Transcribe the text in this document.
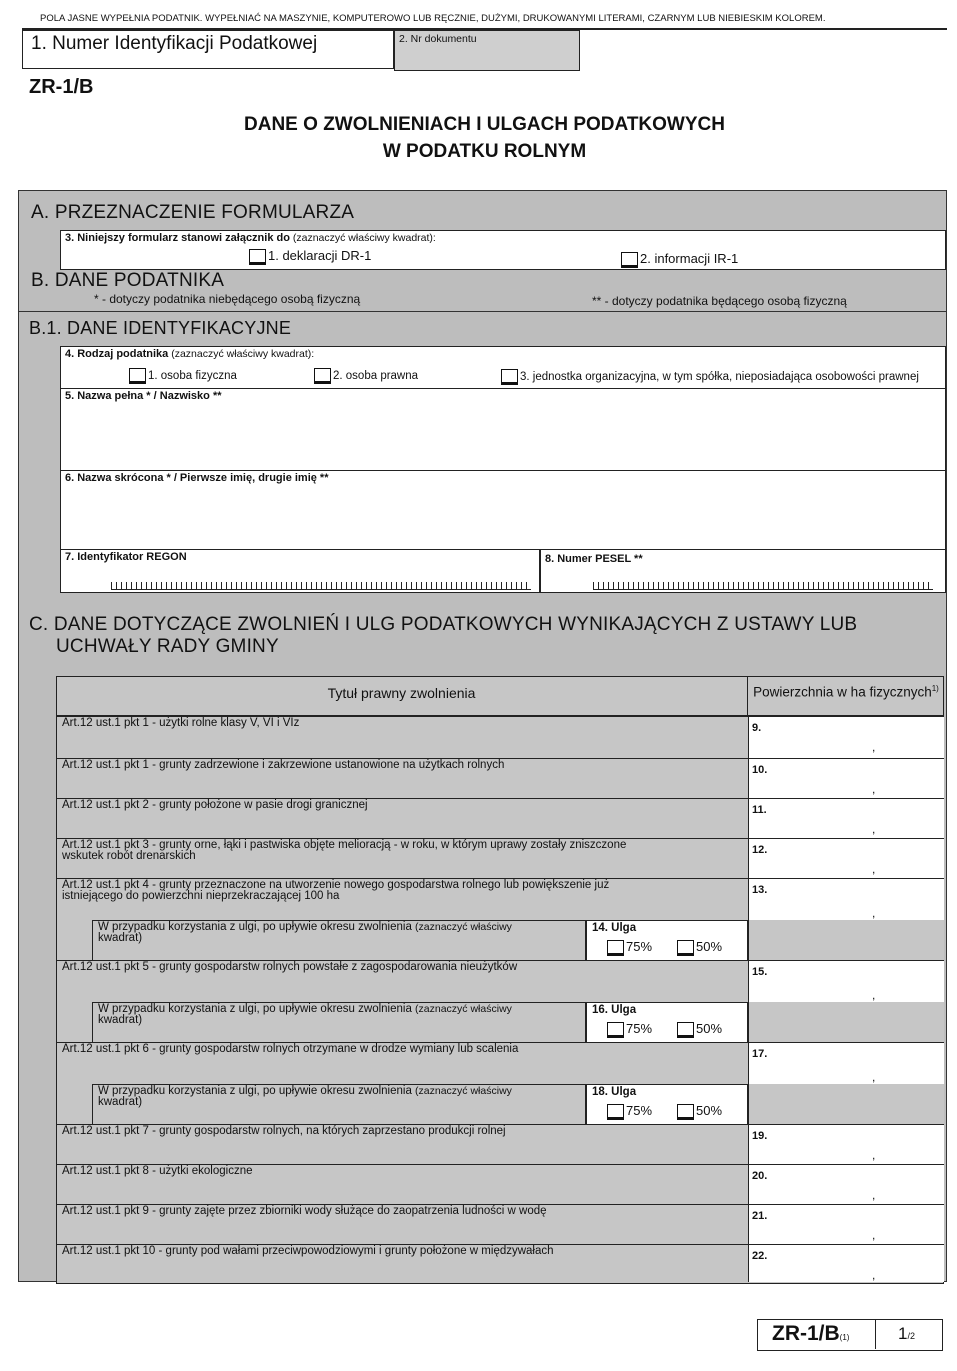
POLA JASNE WYPEŁNIA PODATNIK. WYPEŁNIAĆ NA MASZYNIE, KOMPUTEROWO LUB RĘCZNIE, DUŻYMI, DRUKOWANYMI LITERAMI, CZARNYM LUB NIEBIESKIM KOLOREM.
1. Numer Identyfikacji Podatkowej	2. Nr dokumentu
ZR-1/B
DANE O ZWOLNIENIACH I ULGACH PODATKOWYCH
W PODATKU ROLNYM
A. PRZEZNACZENIE FORMULARZA
3. Niniejszy formularz stanowi załącznik do (zaznaczyć właściwy kwadrat):
1. deklaracji DR-1	2. informacji IR-1
B. DANE PODATNIKA
* - dotyczy podatnika niebędącego osobą fizyczną	** - dotyczy podatnika będącego osobą fizyczną
B.1. DANE IDENTYFIKACYJNE
4. Rodzaj podatnika (zaznaczyć właściwy kwadrat):
1. osoba fizyczna	2. osoba prawna	3. jednostka organizacyjna, w tym spółka, nieposiadająca osobowości prawnej
5. Nazwa pełna * / Nazwisko **
6. Nazwa skrócona * / Pierwsze imię, drugie imię **
7. Identyfikator REGON	8. Numer PESEL **
C. DANE DOTYCZĄCE ZWOLNIEŃ I ULG PODATKOWYCH WYNIKAJĄCYCH Z USTAWY LUB
UCHWAŁY RADY GMINY
Tytuł prawny zwolnienia	Powierzchnia w ha fizycznych$^{1)}$
Art.12 ust.1 pkt 1 - użytki rolne klasy V, VI i VIz	9.
,
Art.12 ust.1 pkt 1 - grunty zadrzewione i zakrzewione ustanowione na użytkach rolnych	10.
,
Art.12 ust.1 pkt 2 - grunty położone w pasie drogi granicznej	11.
,
Art.12 ust.1 pkt 3 - grunty orne, łąki i pastwiska objęte melioracją - w roku, w którym uprawy zostały zniszczone
wskutek robót drenarskich	12.
,
Art.12 ust.1 pkt 4 - grunty przeznaczone na utworzenie nowego gospodarstwa rolnego lub powiększenie już
istniejącego do powierzchni nieprzekraczającej 100 ha	13.
,
W przypadku korzystania z ulgi, po upływie okresu zwolnienia (zaznaczyć właściwy
kwadrat)
14. Ulga
75%	50%
Art.12 ust.1 pkt 5 - grunty gospodarstw rolnych powstałe z zagospodarowania nieużytków	15.
,
W przypadku korzystania z ulgi, po upływie okresu zwolnienia (zaznaczyć właściwy
kwadrat)
16. Ulga
75%	50%
Art.12 ust.1 pkt 6 - grunty gospodarstw rolnych otrzymane w drodze wymiany lub scalenia	17.
,
W przypadku korzystania z ulgi, po upływie okresu zwolnienia (zaznaczyć właściwy
kwadrat)
18. Ulga
75%	50%
Art.12 ust.1 pkt 7 - grunty gospodarstw rolnych, na których zaprzestano produkcji rolnej	19.
,
Art.12 ust.1 pkt 8 - użytki ekologiczne	20.
,
Art.12 ust.1 pkt 9 - grunty zajęte przez zbiorniki wody służące do zaopatrzenia ludności w wodę	21.
,
Art.12 ust.1 pkt 10 - grunty pod wałami przeciwpowodziowymi i grunty położone w międzywałach	22.
,
ZR-1/B(1)	1/2
